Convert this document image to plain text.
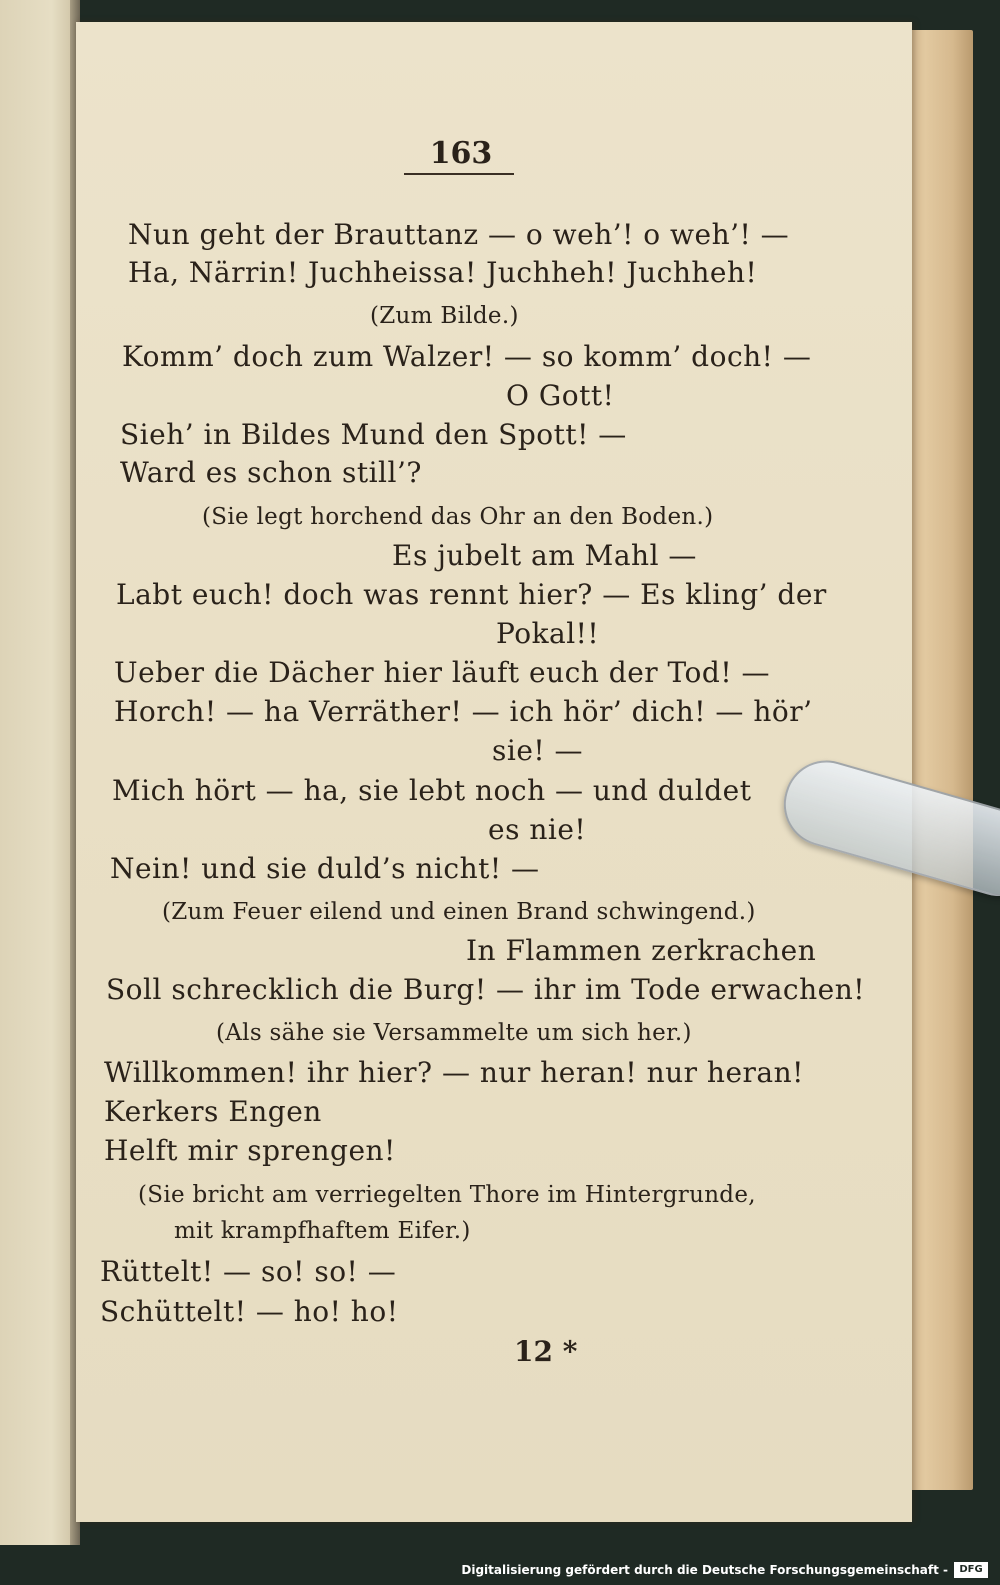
163
Nun geht der Brauttanz — o weh’! o weh’! —
Ha, Närrin! Juchheissa! Juchheh! Juchheh!
(Zum Bilde.)
Komm’ doch zum Walzer! — so komm’ doch! —
O Gott!
Sieh’ in Bildes Mund den Spott! —
Ward es schon still’?
(Sie legt horchend das Ohr an den Boden.)
Es jubelt am Mahl —
Labt euch! doch was rennt hier? — Es kling’ der
Pokal!!
Ueber die Dächer hier läuft euch der Tod! —
Horch! — ha Verräther! — ich hör’ dich! — hör’
sie! —
Mich hört — ha, sie lebt noch — und duldet
es nie!
Nein! und sie duld’s nicht! —
(Zum Feuer eilend und einen Brand schwingend.)
In Flammen zerkrachen
Soll schrecklich die Burg! — ihr im Tode erwachen!
(Als sähe sie Versammelte um sich her.)
Willkommen! ihr hier? — nur heran! nur heran!
Kerkers Engen
Helft mir sprengen!
(Sie bricht am verriegelten Thore im Hintergrunde,
mit krampfhaftem Eifer.)
Rüttelt! — so! so! —
Schüttelt! — ho! ho!
12 *
Digitalisierung gefördert durch die Deutsche Forschungsgemeinschaft -	DFG
